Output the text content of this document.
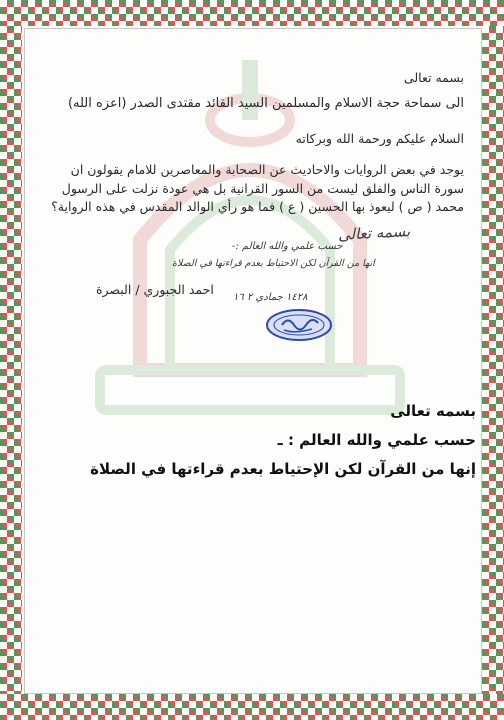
بسمه تعالى
الى سماحة حجة الاسلام والمسلمين السيد القائد مقتدى الصدر (اعزه الله)
السلام عليكم ورحمة الله وبركاته
يوجد في بعض الروايات والاحاديث عن الصحابة والمعاصرين للامام يقولون ان
سورة الناس والفلق ليست من السور القرانية بل هي عودة نزلت على الرسول
محمد ( ص ) ليعوذ بها الحسين ( ع ) فما هو رأي الوالد المقدس في هذه الرواية؟
بسمه تعالى
حسب علمي والله العالم :-
انها من القرآن لكن الاحتياط بعدم قراءتها في الصلاة
١٤٢٨ جمادي ٢ ١٦
احمد الجبوري / البصرة
بسمه تعالى
حسب علمي والله العالم : ـ
إنها من القرآن لكن الإحتياط بعدم قراءتها في الصلاة
